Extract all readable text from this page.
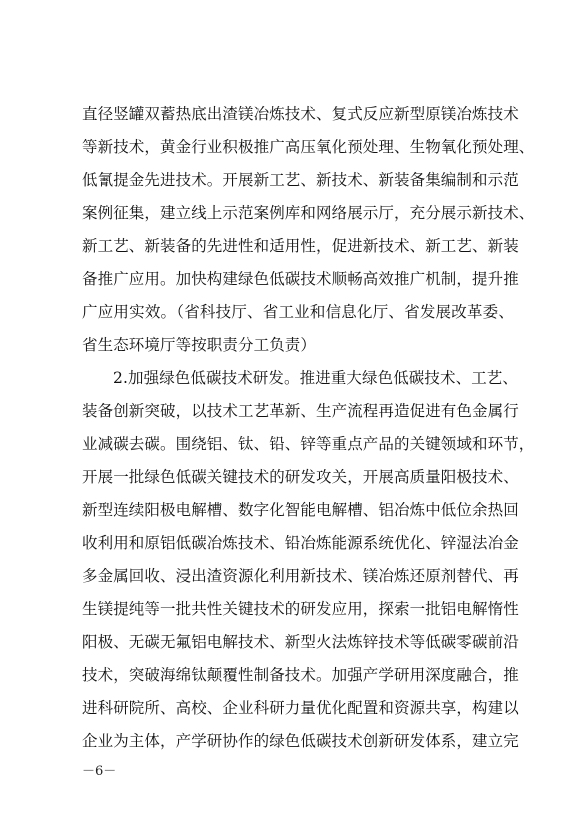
直径竖罐双蓄热底出渣镁冶炼技术、复式反应新型原镁冶炼技术
等新技术，黄金行业积极推广高压氧化预处理、生物氧化预处理、
低氰提金先进技术。开展新工艺、新技术、新装备集编制和示范
案例征集，建立线上示范案例库和网络展示厅，充分展示新技术、
新工艺、新装备的先进性和适用性，促进新技术、新工艺、新装
备推广应用。加快构建绿色低碳技术顺畅高效推广机制，提升推
广应用实效。（省科技厅、省工业和信息化厅、省发展改革委、
省生态环境厅等按职责分工负责）
2.加强绿色低碳技术研发。推进重大绿色低碳技术、工艺、
装备创新突破，以技术工艺革新、生产流程再造促进有色金属行
业减碳去碳。围绕铝、钛、铅、锌等重点产品的关键领域和环节，
开展一批绿色低碳关键技术的研发攻关，开展高质量阳极技术、
新型连续阳极电解槽、数字化智能电解槽、铝冶炼中低位余热回
收利用和原铝低碳冶炼技术、铅冶炼能源系统优化、锌湿法冶金
多金属回收、浸出渣资源化利用新技术、镁冶炼还原剂替代、再
生镁提纯等一批共性关键技术的研发应用，探索一批铝电解惰性
阳极、无碳无氟铝电解技术、新型火法炼锌技术等低碳零碳前沿
技术，突破海绵钛颠覆性制备技术。加强产学研用深度融合，推
进科研院所、高校、企业科研力量优化配置和资源共享，构建以
企业为主体，产学研协作的绿色低碳技术创新研发体系，建立完
－6－
